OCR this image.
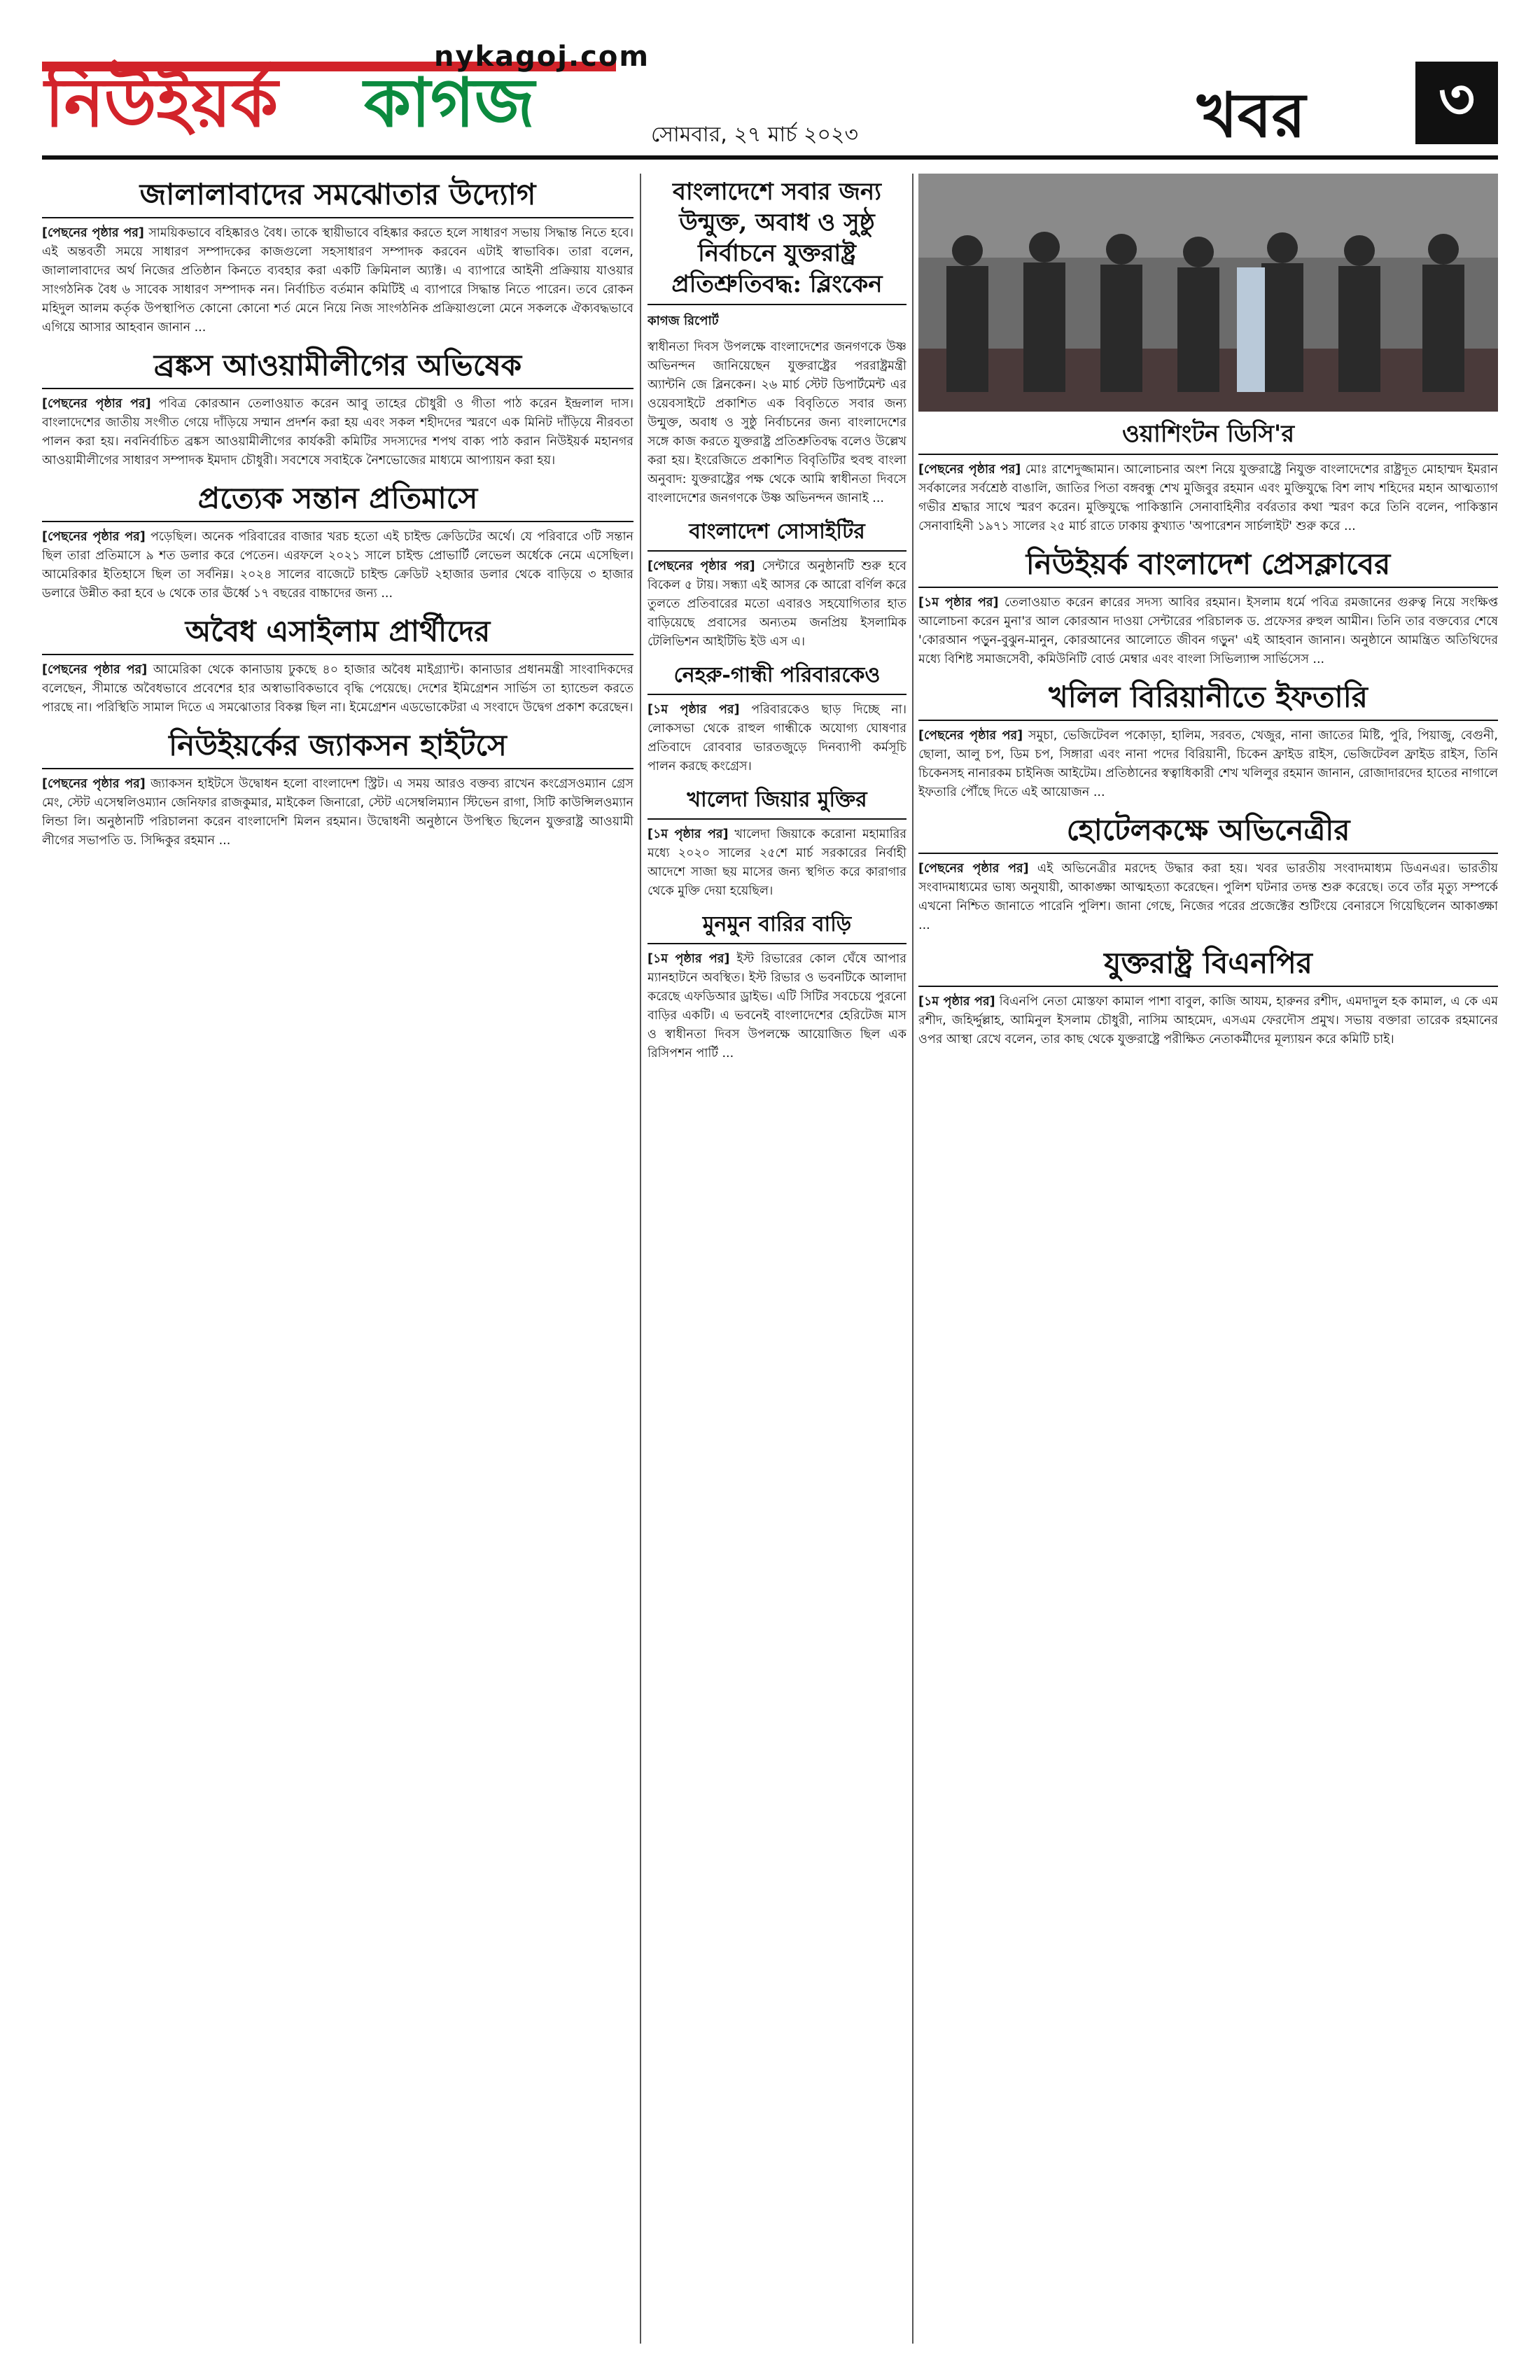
নিউইয়র্ক কাগজ
nykagoj.com
সোমবার, ২৭ মার্চ ২০২৩	খবর	৩
জালালাবাদের সমঝোতার উদ্যোগ
[পেছনের পৃষ্ঠার পর] সাময়িকভাবে বহিষ্কারও বৈধ। তাকে স্থায়ীভাবে বহিষ্কার করতে হলে সাধারণ সভায় সিদ্ধান্ত নিতে হবে। এই অন্তবর্তী সময়ে সাধারণ সম্পাদকের কাজগুলো সহসাধারণ সম্পাদক করবেন এটাই স্বাভাবিক। তারা বলেন, জালালাবাদের অর্থ নিজের প্রতিষ্ঠান কিনতে ব্যবহার করা একটি ক্রিমিনাল অ্যাক্ট। এ ব্যাপারে আইনী প্রক্রিয়ায় যাওয়ার সাংগঠনিক বৈধ ৬ সাবেক সাধারণ সম্পাদক নন। নির্বাচিত বর্তমান কমিটিই এ ব্যাপারে সিদ্ধান্ত নিতে পারেন। তবে রোকন মহিদুল আলম কর্তৃক উপস্থাপিত কোনো কোনো শর্ত মেনে নিয়ে নিজ সাংগঠনিক প্রক্রিয়াগুলো মেনে সকলকে ঐক্যবদ্ধভাবে এগিয়ে আসার আহবান জানান ...
ব্রঙ্কস আওয়ামীলীগের অভিষেক
[পেছনের পৃষ্ঠার পর] পবিত্র কোরআন তেলাওয়াত করেন আবু তাহের চৌধুরী ও গীতা পাঠ করেন ইন্দ্রলাল দাস। বাংলাদেশের জাতীয় সংগীত গেয়ে দাঁড়িয়ে সম্মান প্রদর্শন করা হয় এবং সকল শহীদদের স্মরণে এক মিনিট দাঁড়িয়ে নীরবতা পালন করা হয়। নবনির্বাচিত ব্রঙ্কস আওয়ামীলীগের কার্যকরী কমিটির সদস্যদের শপথ বাক্য পাঠ করান নিউইয়র্ক মহানগর আওয়ামীলীগের সাধারণ সম্পাদক ইমদাদ চৌধুরী। সবশেষে সবাইকে নৈশভোজের মাধ্যমে আপ্যায়ন করা হয়।
প্রত্যেক সন্তান প্রতিমাসে
[পেছনের পৃষ্ঠার পর] পড়েছিল। অনেক পরিবারের বাজার খরচ হতো এই চাইল্ড ক্রেডিটের অর্থে। যে পরিবারে ৩টি সন্তান ছিল তারা প্রতিমাসে ৯ শত ডলার করে পেতেন। এরফলে ২০২১ সালে চাইল্ড প্রোভার্টি লেভেল অর্ধেকে নেমে এসেছিল। আমেরিকার ইতিহাসে ছিল তা সর্বনিম্ন। ২০২৪ সালের বাজেটে চাইল্ড ক্রেডিট ২হাজার ডলার থেকে বাড়িয়ে ৩ হাজার ডলারে উন্নীত করা হবে ৬ থেকে তার ঊর্ধ্বে ১৭ বছরের বাচ্চাদের জন্য ...
অবৈধ এসাইলাম প্রার্থীদের
[পেছনের পৃষ্ঠার পর] আমেরিকা থেকে কানাডায় ঢুকছে ৪০ হাজার অবৈধ মাইগ্র্যান্ট। কানাডার প্রধানমন্ত্রী সাংবাদিকদের বলেছেন, সীমান্তে অবৈধভাবে প্রবেশের হার অস্বাভাবিকভাবে বৃদ্ধি পেয়েছে। দেশের ইমিগ্রেশন সার্ভিস তা হ্যান্ডেল করতে পারছে না। পরিস্থিতি সামাল দিতে এ সমঝোতার বিকল্প ছিল না। ইমেগ্রেশন এডভোকেটরা এ সংবাদে উদ্বেগ প্রকাশ করেছেন।
নিউইয়র্কের জ্যাকসন হাইটসে
[পেছনের পৃষ্ঠার পর] জ্যাকসন হাইটসে উদ্বোধন হলো বাংলাদেশ স্ট্রিট। এ সময় আরও বক্তব্য রাখেন কংগ্রেসওম্যান গ্রেস মেং, স্টেট এসেম্বলিওম্যান জেনিফার রাজকুমার, মাইকেল জিনারো, স্টেট এসেম্বলিম্যান স্টিভেন রাগা, সিটি কাউন্সিলওম্যান লিন্ডা লি। অনুষ্ঠানটি পরিচালনা করেন বাংলাদেশি মিলন রহমান। উদ্বোধনী অনুষ্ঠানে উপস্থিত ছিলেন যুক্তরাষ্ট্র আওয়ামী লীগের সভাপতি ড. সিদ্দিকুর রহমান ...
বাংলাদেশে সবার জন্য উন্মুক্ত, অবাধ ও সুষ্ঠু নির্বাচনে যুক্তরাষ্ট্র প্রতিশ্রুতিবদ্ধ: ব্লিংকেন
কাগজ রিপোর্ট
স্বাধীনতা দিবস উপলক্ষে বাংলাদেশের জনগণকে উষ্ণ অভিনন্দন জানিয়েছেন যুক্তরাষ্ট্রের পররাষ্ট্রমন্ত্রী অ্যান্টনি জে ব্লিনকেন। ২৬ মার্চ স্টেট ডিপার্টমেন্ট এর ওয়েবসাইটে প্রকাশিত এক বিবৃতিতে সবার জন্য উন্মুক্ত, অবাধ ও সুষ্ঠু নির্বাচনের জন্য বাংলাদেশের সঙ্গে কাজ করতে যুক্তরাষ্ট্র প্রতিশ্রুতিবদ্ধ বলেও উল্লেখ করা হয়। ইংরেজিতে প্রকাশিত বিবৃতিটির হুবহু বাংলা অনুবাদ: যুক্তরাষ্ট্রের পক্ষ থেকে আমি স্বাধীনতা দিবসে বাংলাদেশের জনগণকে উষ্ণ অভিনন্দন জানাই ...
বাংলাদেশ সোসাইটির
[পেছনের পৃষ্ঠার পর] সেন্টারে অনুষ্ঠানটি শুরু হবে বিকেল ৫ টায়। সন্ধ্যা এই আসর কে আরো বর্ণিল করে তুলতে প্রতিবারের মতো এবারও সহযোগিতার হাত বাড়িয়েছে প্রবাসের অন্যতম জনপ্রিয় ইসলামিক টেলিভিশন আইটিভি ইউ এস এ।
নেহরু-গান্ধী পরিবারকেও
[১ম পৃষ্ঠার পর] পরিবারকেও ছাড় দিচ্ছে না। লোকসভা থেকে রাহুল গান্ধীকে অযোগ্য ঘোষণার প্রতিবাদে রোববার ভারতজুড়ে দিনব্যাপী কর্মসূচি পালন করছে কংগ্রেস।
খালেদা জিয়ার মুক্তির
[১ম পৃষ্ঠার পর] খালেদা জিয়াকে করোনা মহামারির মধ্যে ২০২০ সালের ২৫শে মার্চ সরকারের নির্বাহী আদেশে সাজা ছয় মাসের জন্য স্থগিত করে কারাগার থেকে মুক্তি দেয়া হয়েছিল।
মুনমুন বারির বাড়ি
[১ম পৃষ্ঠার পর] ইস্ট রিভারের কোল ঘেঁষে আপার ম্যানহাটনে অবস্থিত। ইস্ট রিভার ও ভবনটিকে আলাদা করেছে এফডিআর ড্রাইভ। এটি সিটির সবচেয়ে পুরনো বাড়ির একটি। এ ভবনেই বাংলাদেশের হেরিটেজ মাস ও স্বাধীনতা দিবস উপলক্ষে আয়োজিত ছিল এক রিসিপশন পার্টি ...
ওয়াশিংটন ডিসি'র
[পেছনের পৃষ্ঠার পর] মোঃ রাশেদুজ্জামান। আলোচনার অংশ নিয়ে যুক্তরাষ্ট্রে নিযুক্ত বাংলাদেশের রাষ্ট্রদূত মোহাম্মদ ইমরান সর্বকালের সর্বশ্রেষ্ঠ বাঙালি, জাতির পিতা বঙ্গবন্ধু শেখ মুজিবুর রহমান এবং মুক্তিযুদ্ধে বিশ লাখ শহিদের মহান আত্মত্যাগ গভীর শ্রদ্ধার সাথে স্মরণ করেন। মুক্তিযুদ্ধে পাকিস্তানি সেনাবাহিনীর বর্বরতার কথা স্মরণ করে তিনি বলেন, পাকিস্তান সেনাবাহিনী ১৯৭১ সালের ২৫ মার্চ রাতে ঢাকায় কুখ্যাত 'অপারেশন সার্চলাইট' শুরু করে ...
নিউইয়র্ক বাংলাদেশ প্রেসক্লাবের
[১ম পৃষ্ঠার পর] তেলাওয়াত করেন ক্বারের সদস্য আবির রহমান। ইসলাম ধর্মে পবিত্র রমজানের গুরুত্ব নিয়ে সংক্ষিপ্ত আলোচনা করেন মুনা'র আল কোরআন দাওয়া সেন্টারের পরিচালক ড. প্রফেসর রুহুল আমীন। তিনি তার বক্তব্যের শেষে 'কোরআন পড়ুন-বুঝুন-মানুন, কোরআনের আলোতে জীবন গড়ুন' এই আহবান জানান। অনুষ্ঠানে আমন্ত্রিত অতিথিদের মধ্যে বিশিষ্ট সমাজসেবী, কমিউনিটি বোর্ড মেম্বার এবং বাংলা সিভিল্যান্স সার্ভিসেস ...
খলিল বিরিয়ানীতে ইফতারি
[পেছনের পৃষ্ঠার পর] সমুচা, ভেজিটেবল পকোড়া, হালিম, সরবত, খেজুর, নানা জাতের মিষ্টি, পুরি, পিয়াজু, বেগুনী, ছোলা, আলু চপ, ডিম চপ, সিঙ্গারা এবং নানা পদের বিরিয়ানী, চিকেন ফ্রাইড রাইস, ভেজিটেবল ফ্রাইড রাইস, তিনি চিকেনসহ নানারকম চাইনিজ আইটেম। প্রতিষ্ঠানের স্বত্বাধিকারী শেখ খলিলুর রহমান জানান, রোজাদারদের হাতের নাগালে ইফতারি পৌঁছে দিতে এই আয়োজন ...
হোটেলকক্ষে অভিনেত্রীর
[পেছনের পৃষ্ঠার পর] এই অভিনেত্রীর মরদেহ উদ্ধার করা হয়। খবর ভারতীয় সংবাদমাধ্যম ডিএনএর। ভারতীয় সংবাদমাধ্যমের ভাষ্য অনুযায়ী, আকাঙ্ক্ষা আত্মহত্যা করেছেন। পুলিশ ঘটনার তদন্ত শুরু করেছে। তবে তাঁর মৃত্যু সম্পর্কে এখনো নিশ্চিত জানাতে পারেনি পুলিশ। জানা গেছে, নিজের পরের প্রজেক্টের শুটিংয়ে বেনারসে গিয়েছিলেন আকাঙ্ক্ষা ...
যুক্তরাষ্ট্র বিএনপির
[১ম পৃষ্ঠার পর] বিএনপি নেতা মোস্তফা কামাল পাশা বাবুল, কাজি আযম, হারুনর রশীদ, এমদাদুল হক কামাল, এ কে এম রশীদ, জহির্দ্দুল্লাহ, আমিনুল ইসলাম চৌধুরী, নাসিম আহমেদ, এসএম ফেরদৌস প্রমুখ। সভায় বক্তারা তারেক রহমানের ওপর আস্থা রেখে বলেন, তার কাছ থেকে যুক্তরাষ্ট্রে পরীক্ষিত নেতাকর্মীদের মূল্যায়ন করে কমিটি চাই।
